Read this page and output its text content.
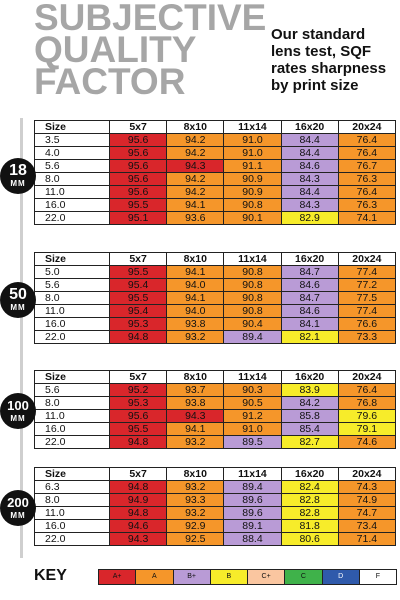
SUBJECTIVE
QUALITY
FACTOR
Our standard lens test, SQF rates sharpness by print size
Size	5x7	8x10	11x14	16x20	20x24
3.5	95.6	94.2	91.0	84.4	76.4
4.0	95.6	94.2	91.0	84.4	76.4
5.6	95.6	94.3	91.1	84.6	76.7
8.0	95.6	94.2	90.9	84.3	76.3
11.0	95.6	94.2	90.9	84.4	76.4
16.0	95.5	94.1	90.8	84.3	76.3
22.0	95.1	93.6	90.1	82.9	74.1
18
MM
Size	5x7	8x10	11x14	16x20	20x24
5.0	95.5	94.1	90.8	84.7	77.4
5.6	95.4	94.0	90.8	84.6	77.2
8.0	95.5	94.1	90.8	84.7	77.5
11.0	95.4	94.0	90.8	84.6	77.4
16.0	95.3	93.8	90.4	84.1	76.6
22.0	94.8	93.2	89.4	82.1	73.3
50
MM
Size	5x7	8x10	11x14	16x20	20x24
5.6	95.2	93.7	90.3	83.9	76.4
8.0	95.3	93.8	90.5	84.2	76.8
11.0	95.6	94.3	91.2	85.8	79.6
16.0	95.5	94.1	91.0	85.4	79.1
22.0	94.8	93.2	89.5	82.7	74.6
100
MM
Size	5x7	8x10	11x14	16x20	20x24
6.3	94.8	93.2	89.4	82.4	74.3
8.0	94.9	93.3	89.6	82.8	74.9
11.0	94.8	93.2	89.6	82.8	74.7
16.0	94.6	92.9	89.1	81.8	73.4
22.0	94.3	92.5	88.4	80.6	71.4
200
MM
KEY	A+	A	B+	B	C+	C	D	F
